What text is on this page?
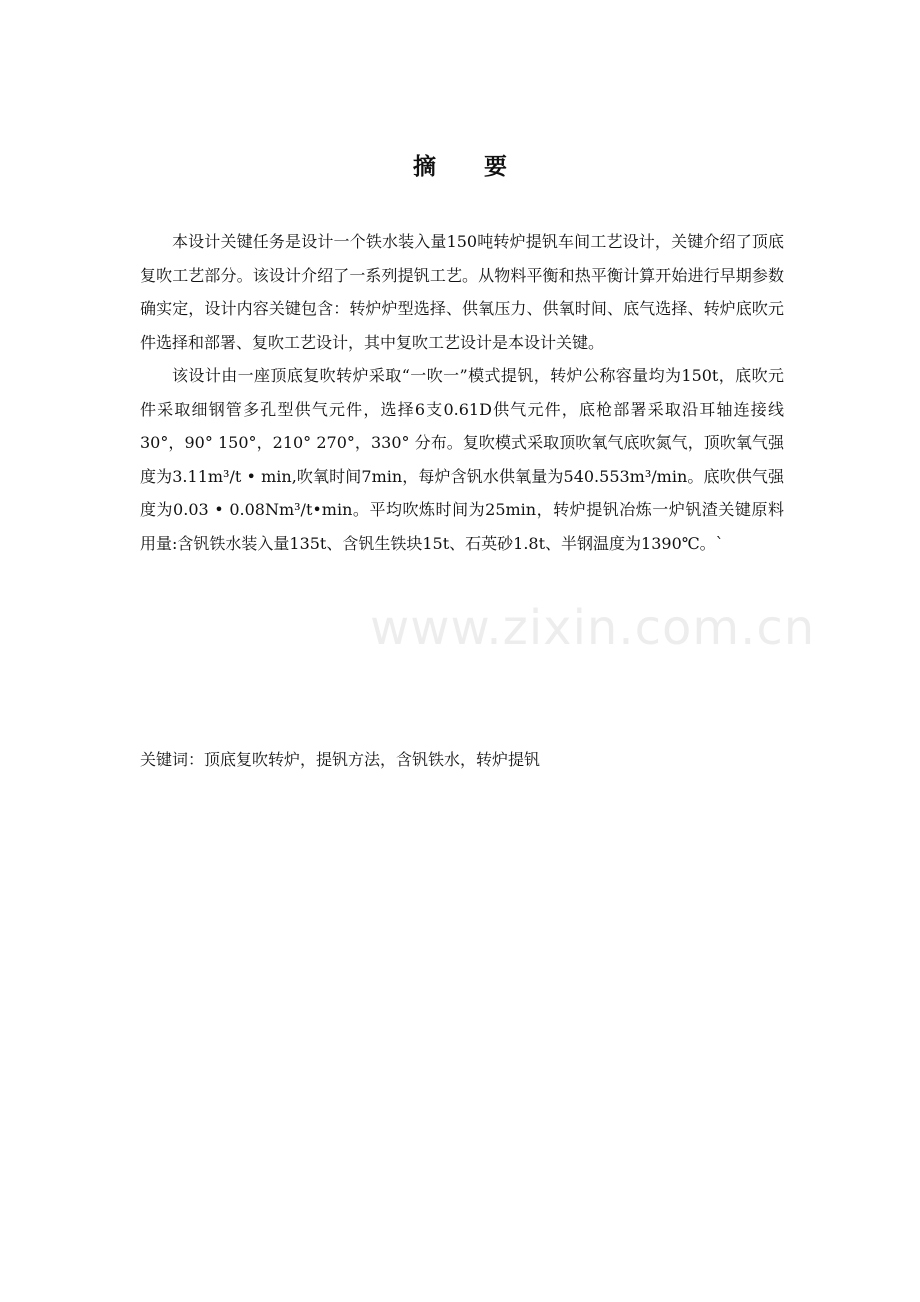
摘 要

本设计关键任务是设计一个铁水装入量150吨转炉提钒车间工艺设计，关键介绍了顶底复吹工艺部分。该设计介绍了一系列提钒工艺。从物料平衡和热平衡计算开始进行早期参数确实定，设计内容关键包含：转炉炉型选择、供氧压力、供氧时间、底气选择、转炉底吹元件选择和部署、复吹工艺设计，其中复吹工艺设计是本设计关键。

该设计由一座顶底复吹转炉采取“一吹一”模式提钒，转炉公称容量均为150t，底吹元件采取细钢管多孔型供气元件，选择6支0.61D供气元件，底枪部署采取沿耳轴连接线30°，90° 150°，210° 270°，330° 分布。复吹模式采取顶吹氧气底吹氮气，顶吹氧气强度为3.11m³/t • min,吹氧时间7min，每炉含钒水供氧量为540.553m³/min。底吹供气强度为0.03 • 0.08Nm³/t•min。平均吹炼时间为25min，转炉提钒冶炼一炉钒渣关键原料用量:含钒铁水装入量135t、含钒生铁块15t、石英砂1.8t、半钢温度为1390℃。`

关键词：顶底复吹转炉，提钒方法，含钒铁水，转炉提钒
www.zixin.com.cn
